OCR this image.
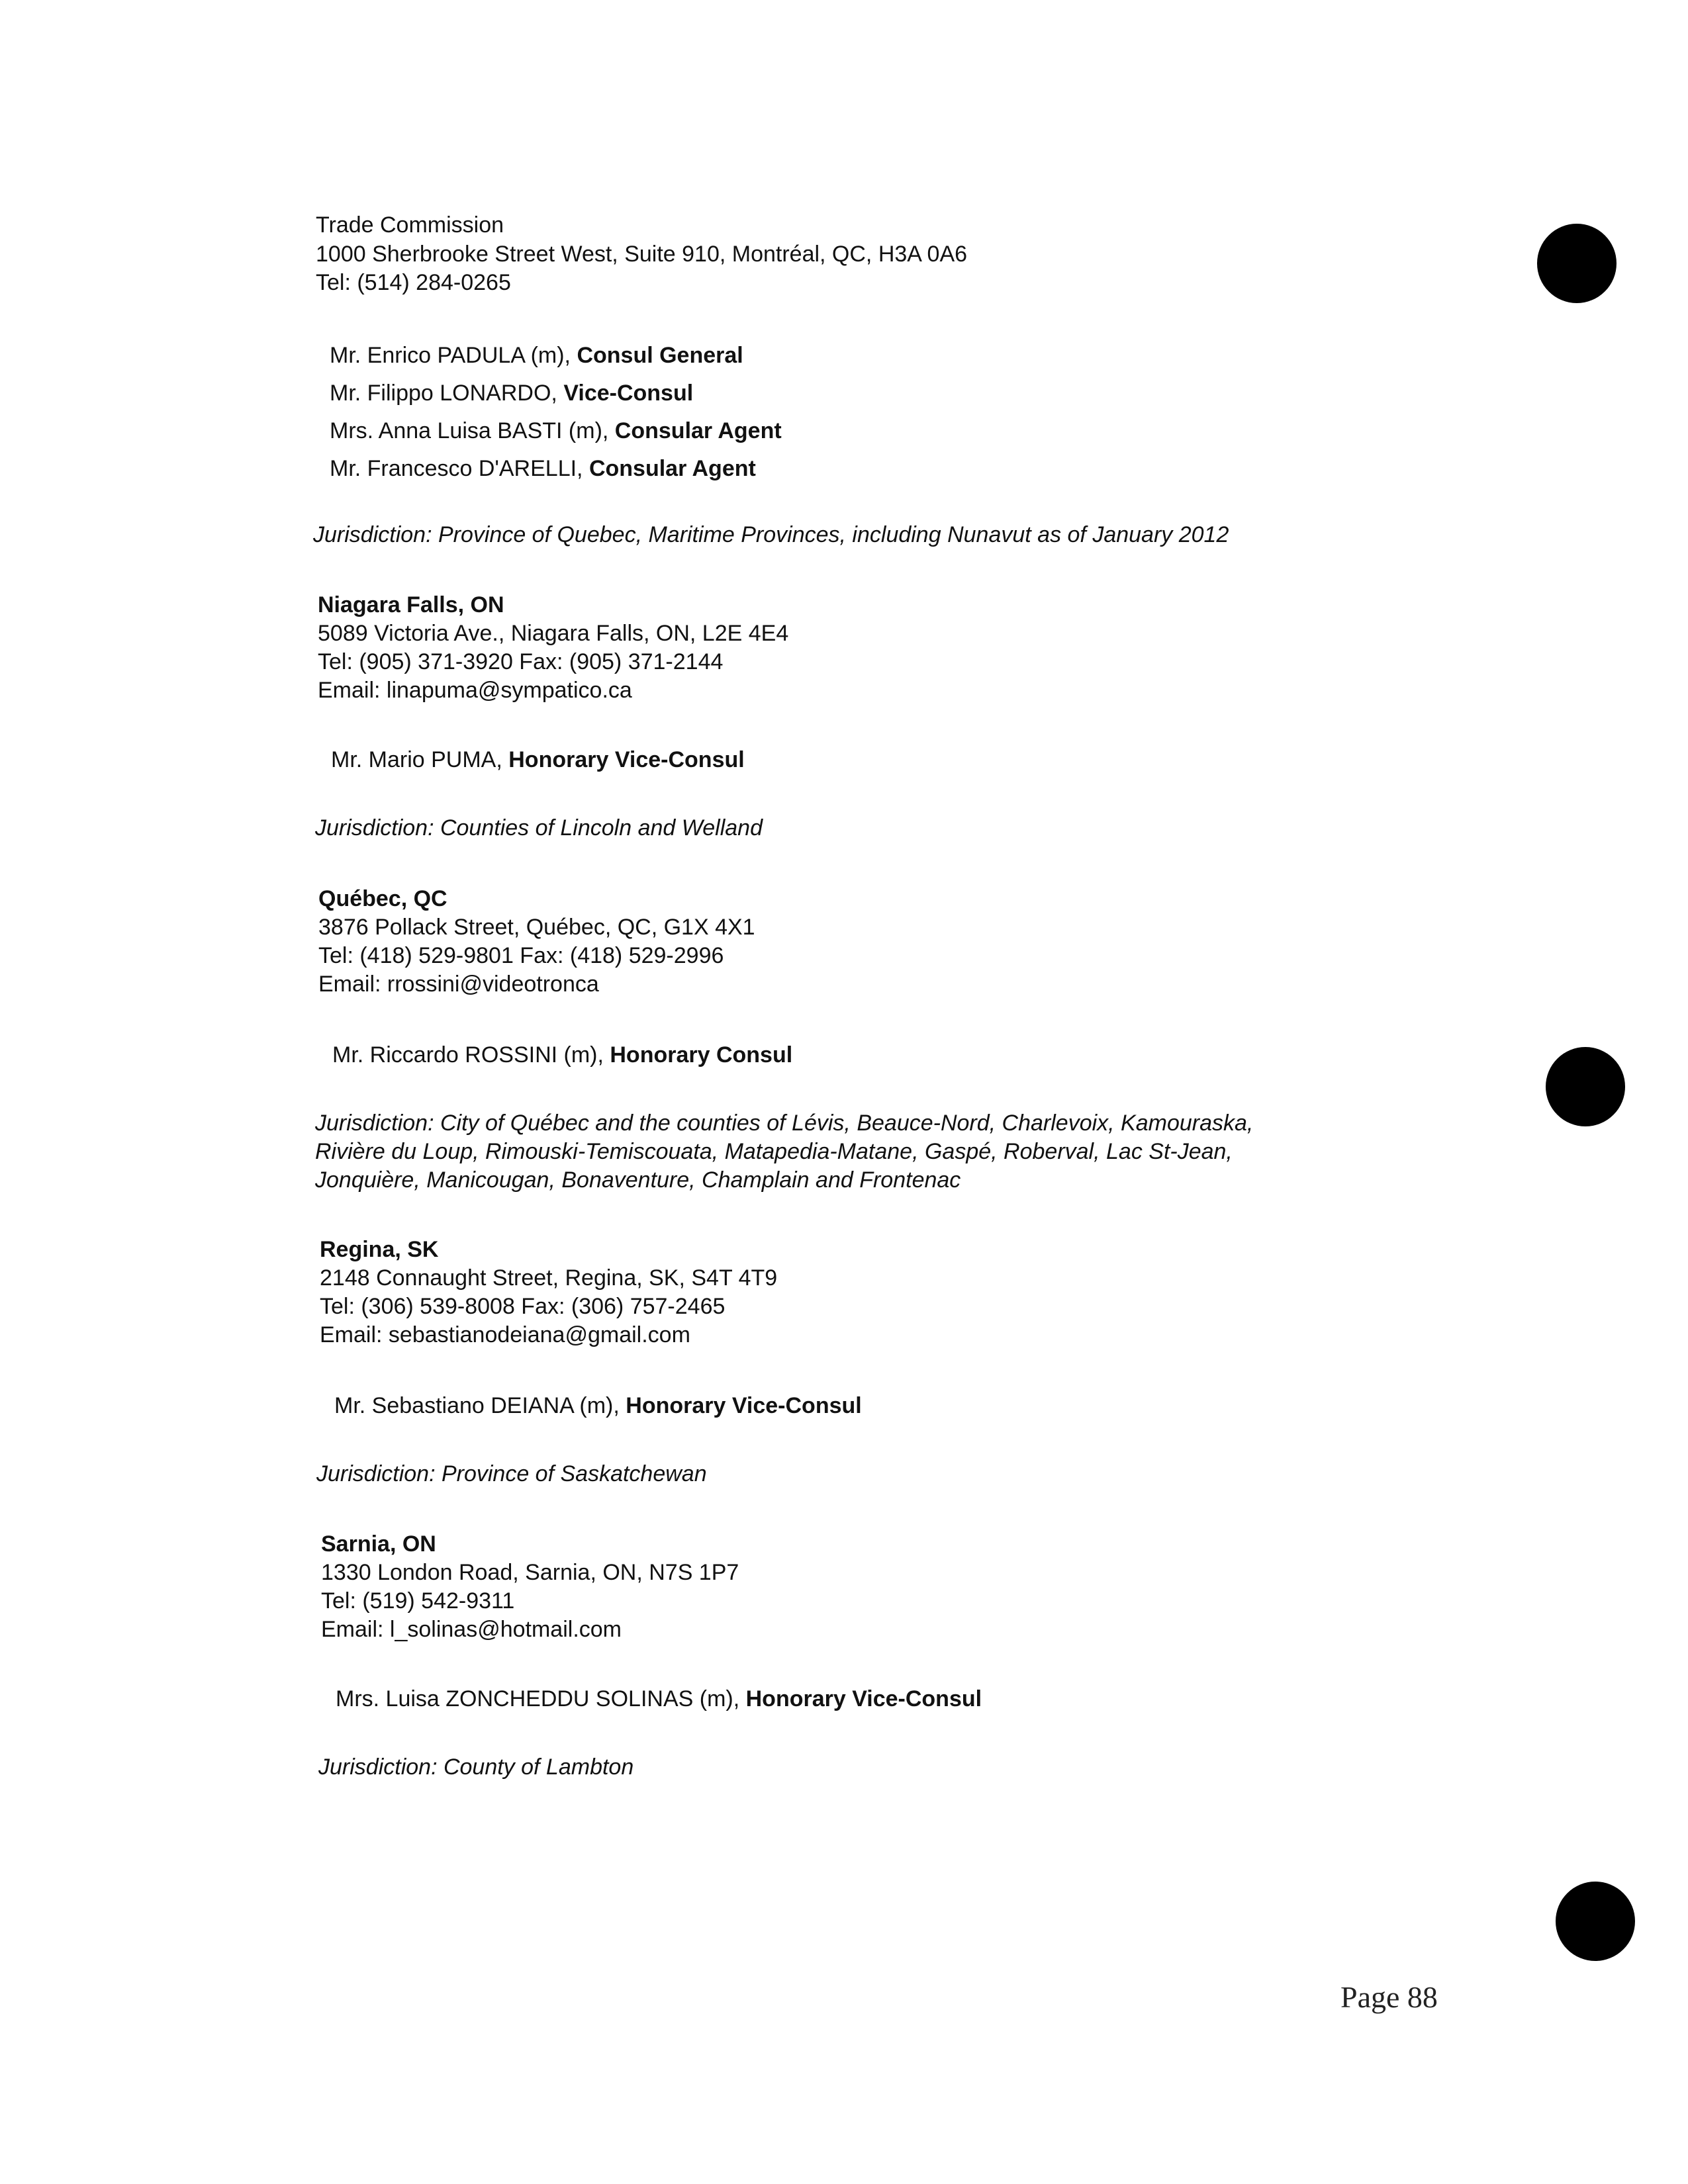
Trade Commission
1000 Sherbrooke Street West, Suite 910, Montréal, QC, H3A 0A6
Tel: (514) 284-0265
Mr. Enrico PADULA (m), Consul General
Mr. Filippo LONARDO, Vice-Consul
Mrs. Anna Luisa BASTI (m), Consular Agent
Mr. Francesco D'ARELLI, Consular Agent
Jurisdiction: Province of Quebec, Maritime Provinces, including Nunavut as of January 2012
Niagara Falls, ON
5089 Victoria Ave., Niagara Falls, ON, L2E 4E4
Tel: (905) 371-3920 Fax: (905) 371-2144
Email: linapuma@sympatico.ca
Mr. Mario PUMA, Honorary Vice-Consul
Jurisdiction: Counties of Lincoln and Welland
Québec, QC
3876 Pollack Street, Québec, QC, G1X 4X1
Tel: (418) 529-9801 Fax: (418) 529-2996
Email: rrossini@videotronca
Mr. Riccardo ROSSINI (m), Honorary Consul
Jurisdiction: City of Québec and the counties of Lévis, Beauce-Nord, Charlevoix, Kamouraska,
Rivière du Loup, Rimouski-Temiscouata, Matapedia-Matane, Gaspé, Roberval, Lac St-Jean,
Jonquière, Manicougan, Bonaventure, Champlain and Frontenac
Regina, SK
2148 Connaught Street, Regina, SK, S4T 4T9
Tel: (306) 539-8008 Fax: (306) 757-2465
Email: sebastianodeiana@gmail.com
Mr. Sebastiano DEIANA (m), Honorary Vice-Consul
Jurisdiction: Province of Saskatchewan
Sarnia, ON
1330 London Road, Sarnia, ON, N7S 1P7
Tel: (519) 542-9311
Email: l_solinas@hotmail.com
Mrs. Luisa ZONCHEDDU SOLINAS (m), Honorary Vice-Consul
Jurisdiction: County of Lambton
Page 88
